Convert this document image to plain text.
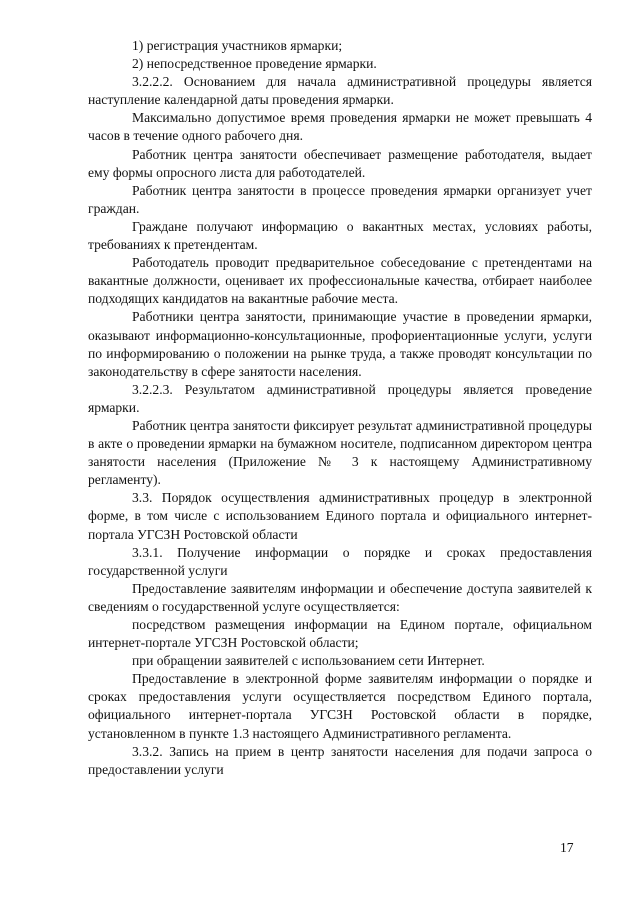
1) регистрация участников ярмарки;

2) непосредственное проведение ярмарки.

3.2.2.2. Основанием для начала административной процедуры является наступление календарной даты проведения ярмарки.

Максимально допустимое время проведения ярмарки не может превышать 4 часов в течение одного рабочего дня.

Работник центра занятости обеспечивает размещение работодателя, выдает ему формы опросного листа для работодателей.

Работник центра занятости в процессе проведения ярмарки организует учет граждан.

Граждане получают информацию о вакантных местах, условиях работы, требованиях к претендентам.

Работодатель проводит предварительное собеседование с претендентами на вакантные должности, оценивает их профессиональные качества, отбирает наиболее подходящих кандидатов на вакантные рабочие места.

Работники центра занятости, принимающие участие в проведении ярмарки, оказывают информационно-консультационные, профориентационные услуги, услуги по информированию о положении на рынке труда, а также проводят консультации по законодательству в сфере занятости населения.

3.2.2.3. Результатом административной процедуры является проведение ярмарки.

Работник центра занятости фиксирует результат административной процедуры в акте о проведении ярмарки на бумажном носителе, подписанном директором центра занятости населения (Приложение № 3 к настоящему Административному регламенту).

3.3. Порядок осуществления административных процедур в электронной форме, в том числе с использованием Единого портала и официального интернет-портала УГСЗН Ростовской области

3.3.1. Получение информации о порядке и сроках предоставления государственной услуги

Предоставление заявителям информации и обеспечение доступа заявителей к сведениям о государственной услуге осуществляется:

посредством размещения информации на Едином портале, официальном интернет-портале УГСЗН Ростовской области;

при обращении заявителей с использованием сети Интернет.

Предоставление в электронной форме заявителям информации о порядке и сроках предоставления услуги осуществляется посредством Единого портала, официального интернет-портала УГСЗН Ростовской области в порядке, установленном в пункте 1.3 настоящего Административного регламента.

3.3.2. Запись на прием в центр занятости населения для подачи запроса о предоставлении услуги

17
